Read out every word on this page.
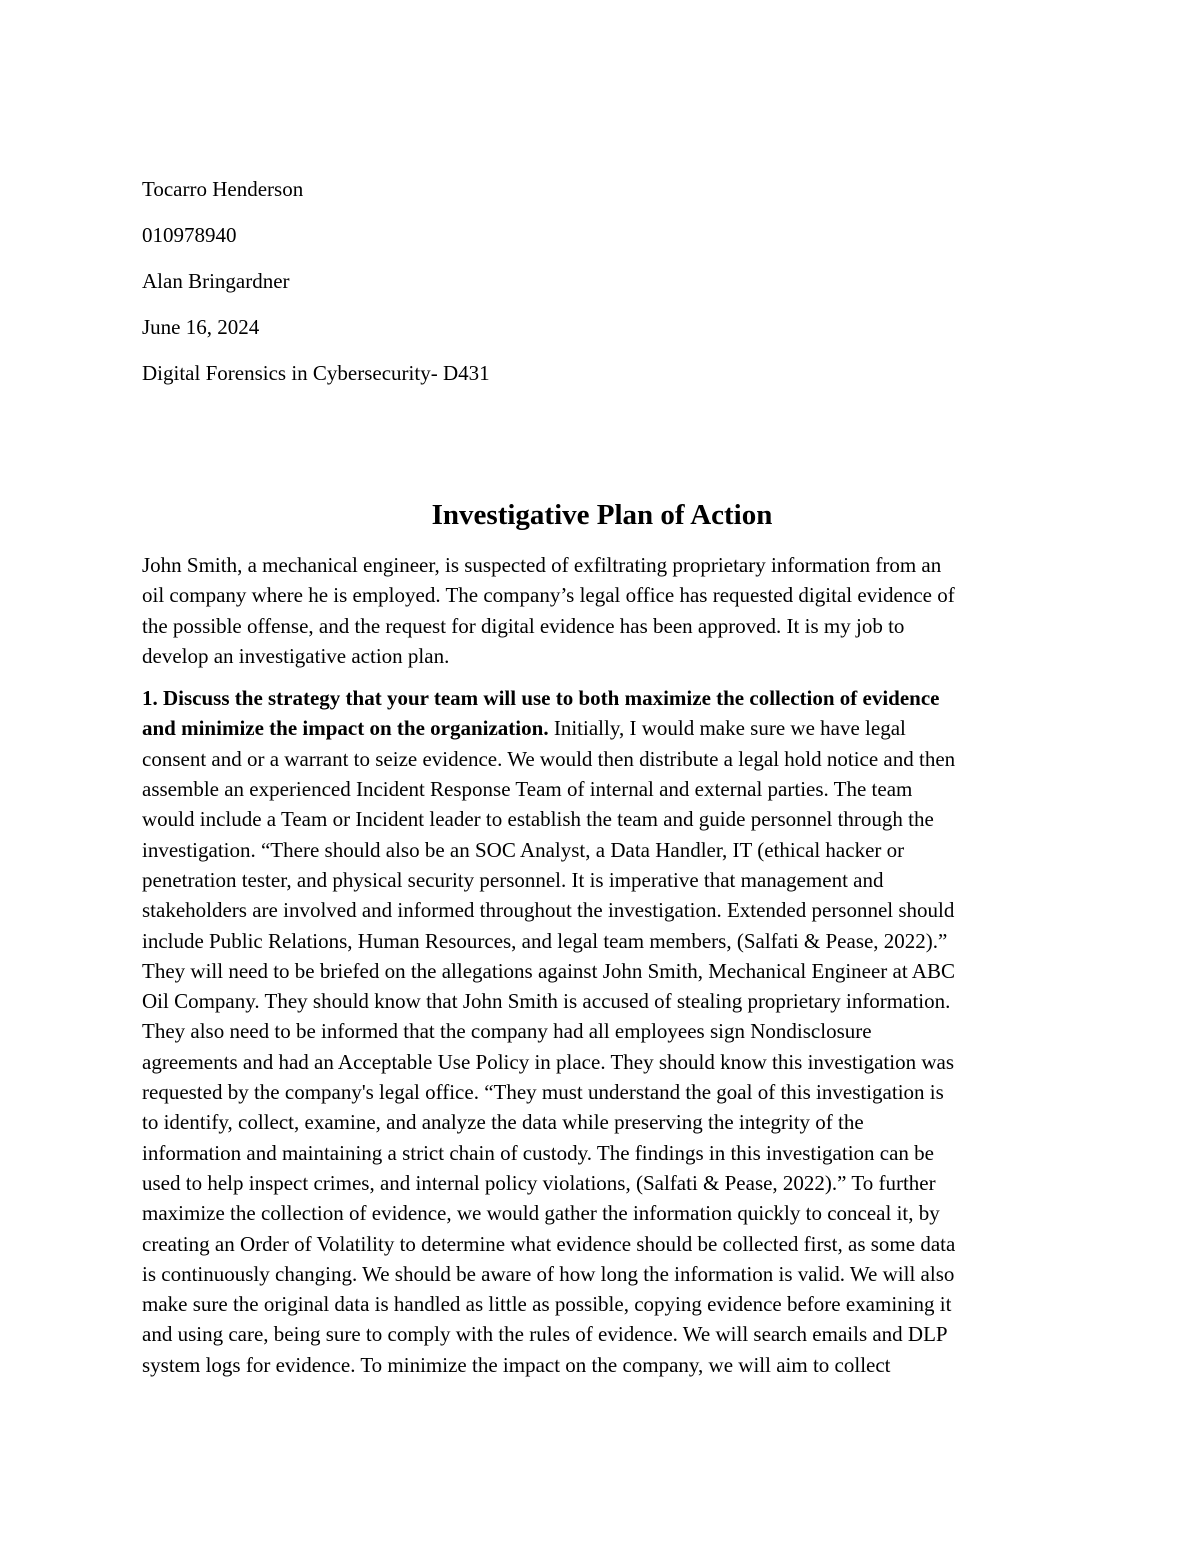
Tocarro Henderson
010978940
Alan Bringardner
June 16, 2024
Digital Forensics in Cybersecurity- D431
Investigative Plan of Action
John Smith, a mechanical engineer, is suspected of exfiltrating proprietary information from an
oil company where he is employed. The company’s legal office has requested digital evidence of
the possible offense, and the request for digital evidence has been approved. It is my job to
develop an investigative action plan.
1. Discuss the strategy that your team will use to both maximize the collection of evidence
and minimize the impact on the organization. Initially, I would make sure we have legal
consent and or a warrant to seize evidence. We would then distribute a legal hold notice and then
assemble an experienced Incident Response Team of internal and external parties. The team
would include a Team or Incident leader to establish the team and guide personnel through the
investigation. “There should also be an SOC Analyst, a Data Handler, IT (ethical hacker or
penetration tester, and physical security personnel. It is imperative that management and
stakeholders are involved and informed throughout the investigation. Extended personnel should
include Public Relations, Human Resources, and legal team members, (Salfati & Pease, 2022).”
They will need to be briefed on the allegations against John Smith, Mechanical Engineer at ABC
Oil Company. They should know that John Smith is accused of stealing proprietary information.
They also need to be informed that the company had all employees sign Nondisclosure
agreements and had an Acceptable Use Policy in place. They should know this investigation was
requested by the company's legal office. “They must understand the goal of this investigation is
to identify, collect, examine, and analyze the data while preserving the integrity of the
information and maintaining a strict chain of custody. The findings in this investigation can be
used to help inspect crimes, and internal policy violations, (Salfati & Pease, 2022).” To further
maximize the collection of evidence, we would gather the information quickly to conceal it, by
creating an Order of Volatility to determine what evidence should be collected first, as some data
is continuously changing. We should be aware of how long the information is valid. We will also
make sure the original data is handled as little as possible, copying evidence before examining it
and using care, being sure to comply with the rules of evidence. We will search emails and DLP
system logs for evidence. To minimize the impact on the company, we will aim to collect
